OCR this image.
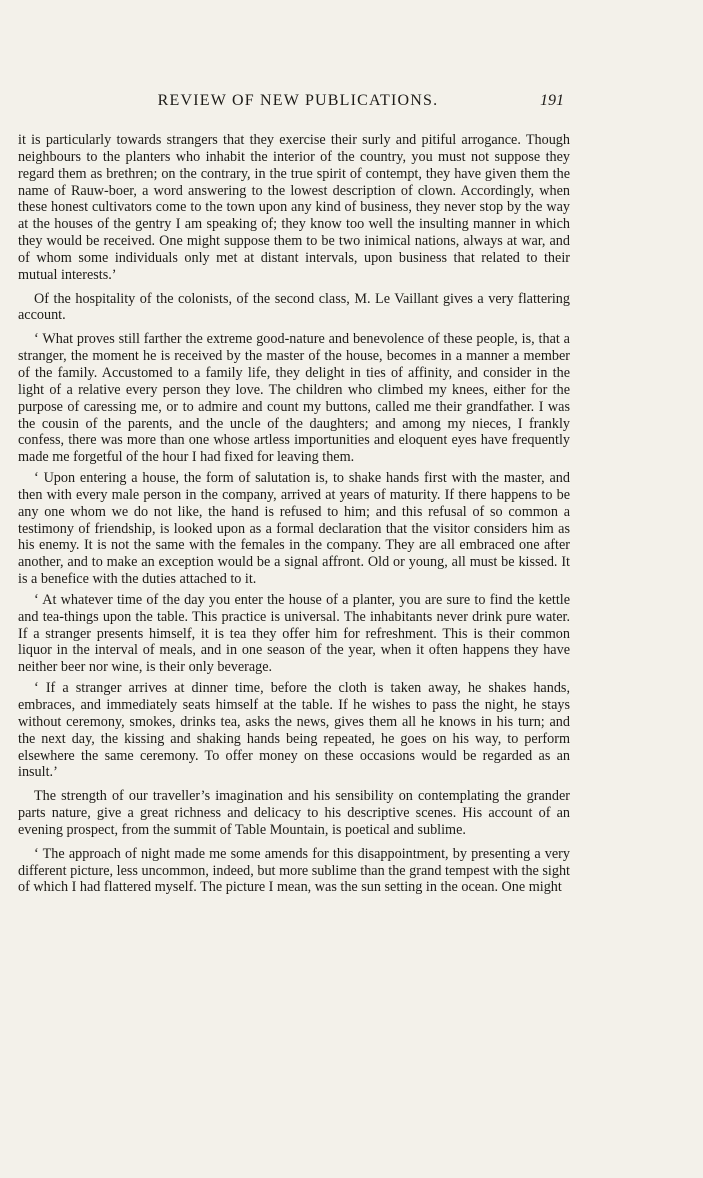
REVIEW OF NEW PUBLICATIONS.	191

it is particularly towards strangers that they exercise their surly and pitiful arrogance. Though neighbours to the planters who inhabit the interior of the country, you must not suppose they regard them as brethren; on the contrary, in the true spirit of contempt, they have given them the name of Rauw-boer, a word answering to the lowest description of clown. Accordingly, when these honest cultivators come to the town upon any kind of business, they never stop by the way at the houses of the gentry I am speaking of; they know too well the insulting manner in which they would be received. One might suppose them to be two inimical nations, always at war, and of whom some individuals only met at distant intervals, upon business that related to their mutual interests.’

Of the hospitality of the colonists, of the second class, M. Le Vaillant gives a very flattering account.

‘ What proves still farther the extreme good-nature and benevolence of these people, is, that a stranger, the moment he is received by the master of the house, becomes in a manner a member of the family. Accustomed to a family life, they delight in ties of affinity, and consider in the light of a relative every person they love. The children who climbed my knees, either for the purpose of caressing me, or to admire and count my buttons, called me their grandfather. I was the cousin of the parents, and the uncle of the daughters; and among my nieces, I frankly confess, there was more than one whose artless importunities and eloquent eyes have frequently made me forgetful of the hour I had fixed for leaving them.

‘ Upon entering a house, the form of salutation is, to shake hands first with the master, and then with every male person in the company, arrived at years of maturity. If there happens to be any one whom we do not like, the hand is refused to him; and this refusal of so common a testimony of friendship, is looked upon as a formal declaration that the visitor considers him as his enemy. It is not the same with the females in the company. They are all embraced one after another, and to make an exception would be a signal affront. Old or young, all must be kissed. It is a benefice with the duties attached to it.

‘ At whatever time of the day you enter the house of a planter, you are sure to find the kettle and tea-things upon the table. This practice is universal. The inhabitants never drink pure water. If a stranger presents himself, it is tea they offer him for refreshment. This is their common liquor in the interval of meals, and in one season of the year, when it often happens they have neither beer nor wine, is their only beverage.

‘ If a stranger arrives at dinner time, before the cloth is taken away, he shakes hands, embraces, and immediately seats himself at the table. If he wishes to pass the night, he stays without ceremony, smokes, drinks tea, asks the news, gives them all he knows in his turn; and the next day, the kissing and shaking hands being repeated, he goes on his way, to perform elsewhere the same ceremony. To offer money on these occasions would be regarded as an insult.’

The strength of our traveller’s imagination and his sensibility on contemplating the grander parts nature, give a great richness and delicacy to his descriptive scenes. His account of an evening prospect, from the summit of Table Mountain, is poetical and sublime.

‘ The approach of night made me some amends for this disappointment, by presenting a very different picture, less uncommon, indeed, but more sublime than the grand tempest with the sight of which I had flattered myself. The picture I mean, was the sun setting in the ocean. One might
